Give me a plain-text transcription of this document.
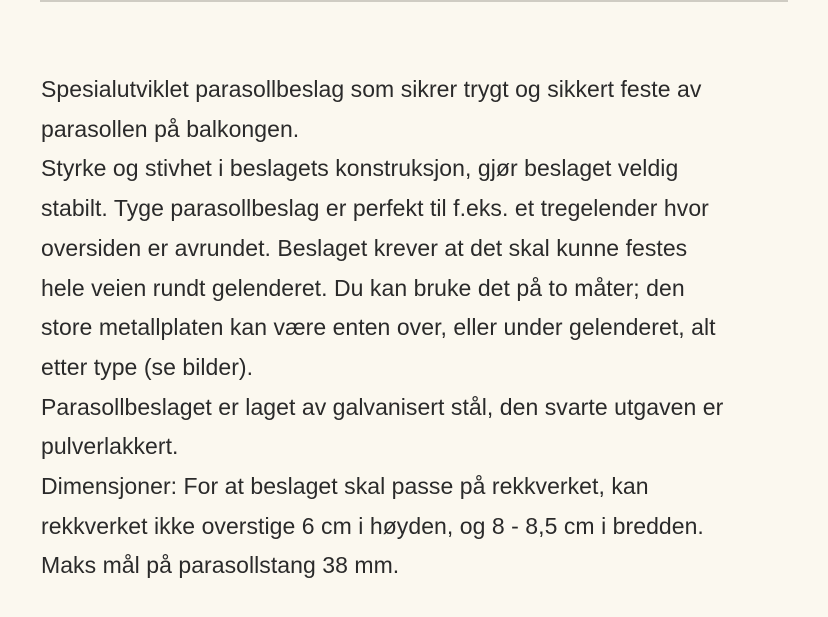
Spesialutviklet parasollbeslag som sikrer trygt og sikkert feste av

parasollen på balkongen.

Styrke og stivhet i beslagets konstruksjon, gjør beslaget veldig

stabilt. Tyge parasollbeslag er perfekt til f.eks. et tregelender hvor

oversiden er avrundet. Beslaget krever at det skal kunne festes

hele veien rundt gelenderet. Du kan bruke det på to måter; den

store metallplaten kan være enten over, eller under gelenderet, alt

etter type (se bilder).

Parasollbeslaget er laget av galvanisert stål, den svarte utgaven er

pulverlakkert.

Dimensjoner: For at beslaget skal passe på rekkverket, kan

rekkverket ikke overstige 6 cm i høyden, og 8 - 8,5 cm i bredden.

Maks mål på parasollstang 38 mm.
